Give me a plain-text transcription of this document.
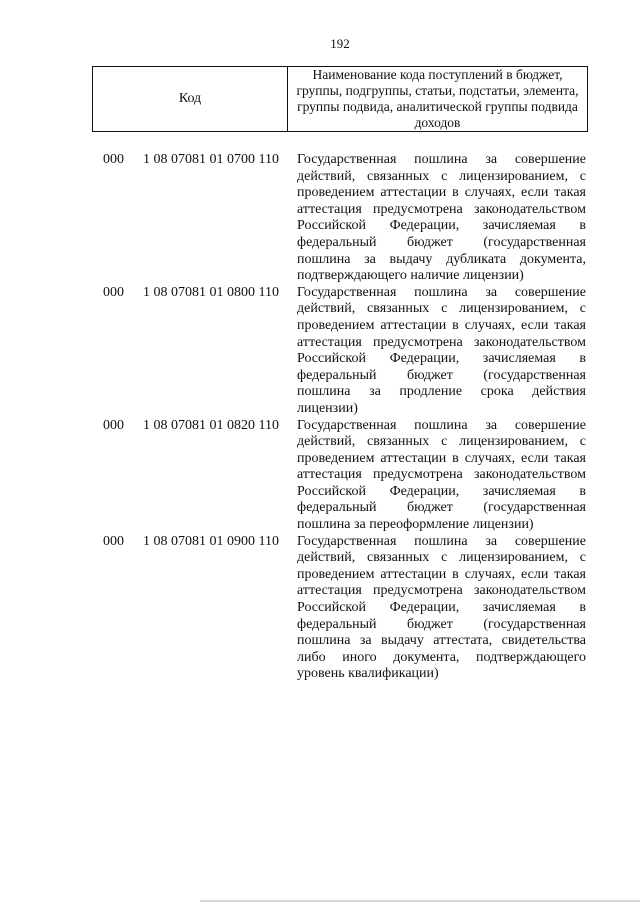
192
Код
Наименование кода поступлений в бюджет, группы, подгруппы, статьи, подстатьи, элемента, группы подвида, аналитической группы подвида доходов
000 1 08 07081 01 0700 110 Государственная пошлина за совершение действий, связанных с лицензированием, с проведением аттестации в случаях, если такая аттестация предусмотрена законодательством Российской Федерации, зачисляемая в федеральный бюджет (государственная пошлина за выдачу дубликата документа, подтверждающего наличие лицензии)
000 1 08 07081 01 0800 110 Государственная пошлина за совершение действий, связанных с лицензированием, с проведением аттестации в случаях, если такая аттестация предусмотрена законодательством Российской Федерации, зачисляемая в федеральный бюджет (государственная пошлина за продление срока действия лицензии)
000 1 08 07081 01 0820 110 Государственная пошлина за совершение действий, связанных с лицензированием, с проведением аттестации в случаях, если такая аттестация предусмотрена законодательством Российской Федерации, зачисляемая в федеральный бюджет (государственная пошлина за переоформление лицензии)
000 1 08 07081 01 0900 110 Государственная пошлина за совершение действий, связанных с лицензированием, с проведением аттестации в случаях, если такая аттестация предусмотрена законодательством Российской Федерации, зачисляемая в федеральный бюджет (государственная пошлина за выдачу аттестата, свидетельства либо иного документа, подтверждающего уровень квалификации)
